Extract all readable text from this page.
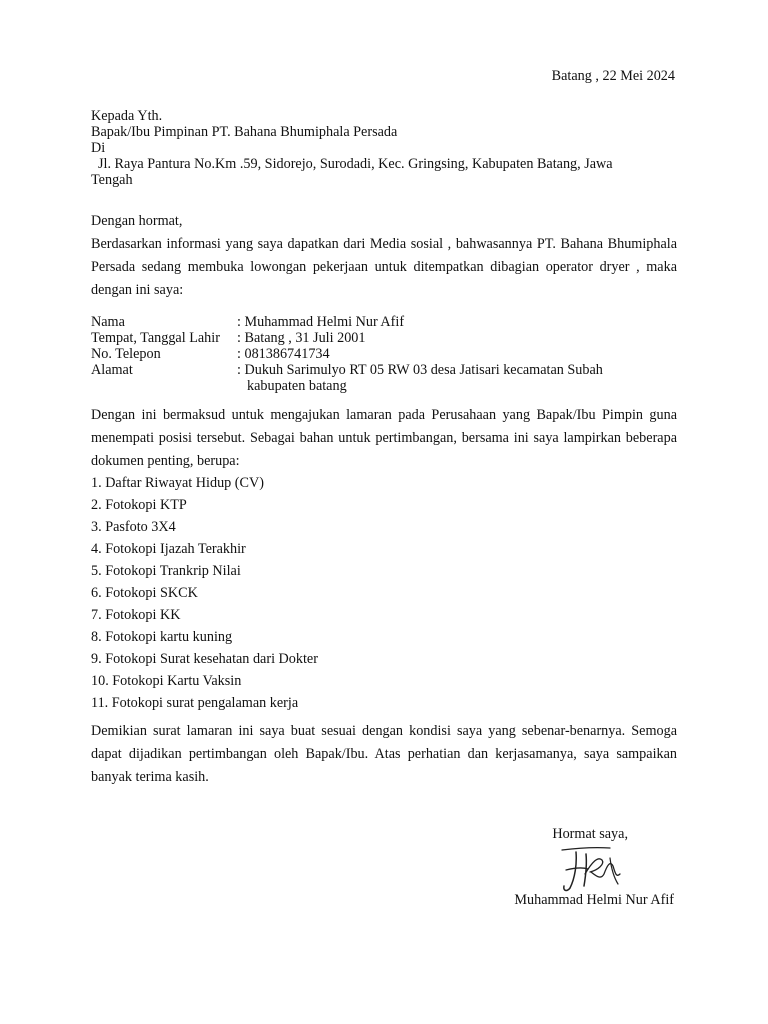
Batang , 22 Mei 2024
Kepada Yth.
Bapak/Ibu Pimpinan PT. Bahana Bhumiphala Persada
Di
Jl. Raya Pantura No.Km .59, Sidorejo, Surodadi, Kec. Gringsing, Kabupaten Batang, Jawa
Tengah
Dengan hormat,
Berdasarkan informasi yang saya dapatkan dari Media sosial , bahwasannya PT. Bahana Bhumiphala Persada sedang membuka lowongan pekerjaan untuk ditempatkan dibagian operator dryer , maka dengan ini saya:
Nama	: Muhammad Helmi Nur Afif
Tempat, Tanggal Lahir	: Batang , 31 Juli 2001
No. Telepon	: 081386741734
Alamat	: Dukuh Sarimulyo RT 05 RW 03 desa Jatisari kecamatan Subah
kabupaten batang
Dengan ini bermaksud untuk mengajukan lamaran pada Perusahaan yang Bapak/Ibu Pimpin guna menempati posisi tersebut. Sebagai bahan untuk pertimbangan, bersama ini saya lampirkan beberapa dokumen penting, berupa:
1. Daftar Riwayat Hidup (CV)
2. Fotokopi KTP
3. Pasfoto 3X4
4. Fotokopi Ijazah Terakhir
5. Fotokopi Trankrip Nilai
6. Fotokopi SKCK
7. Fotokopi KK
8. Fotokopi kartu kuning
9. Fotokopi Surat kesehatan dari Dokter
10. Fotokopi Kartu Vaksin
11. Fotokopi surat pengalaman kerja
Demikian surat lamaran ini saya buat sesuai dengan kondisi saya yang sebenar-benarnya. Semoga dapat dijadikan pertimbangan oleh Bapak/Ibu. Atas perhatian dan kerjasamanya, saya sampaikan banyak terima kasih.
Hormat saya,
Muhammad Helmi Nur Afif
